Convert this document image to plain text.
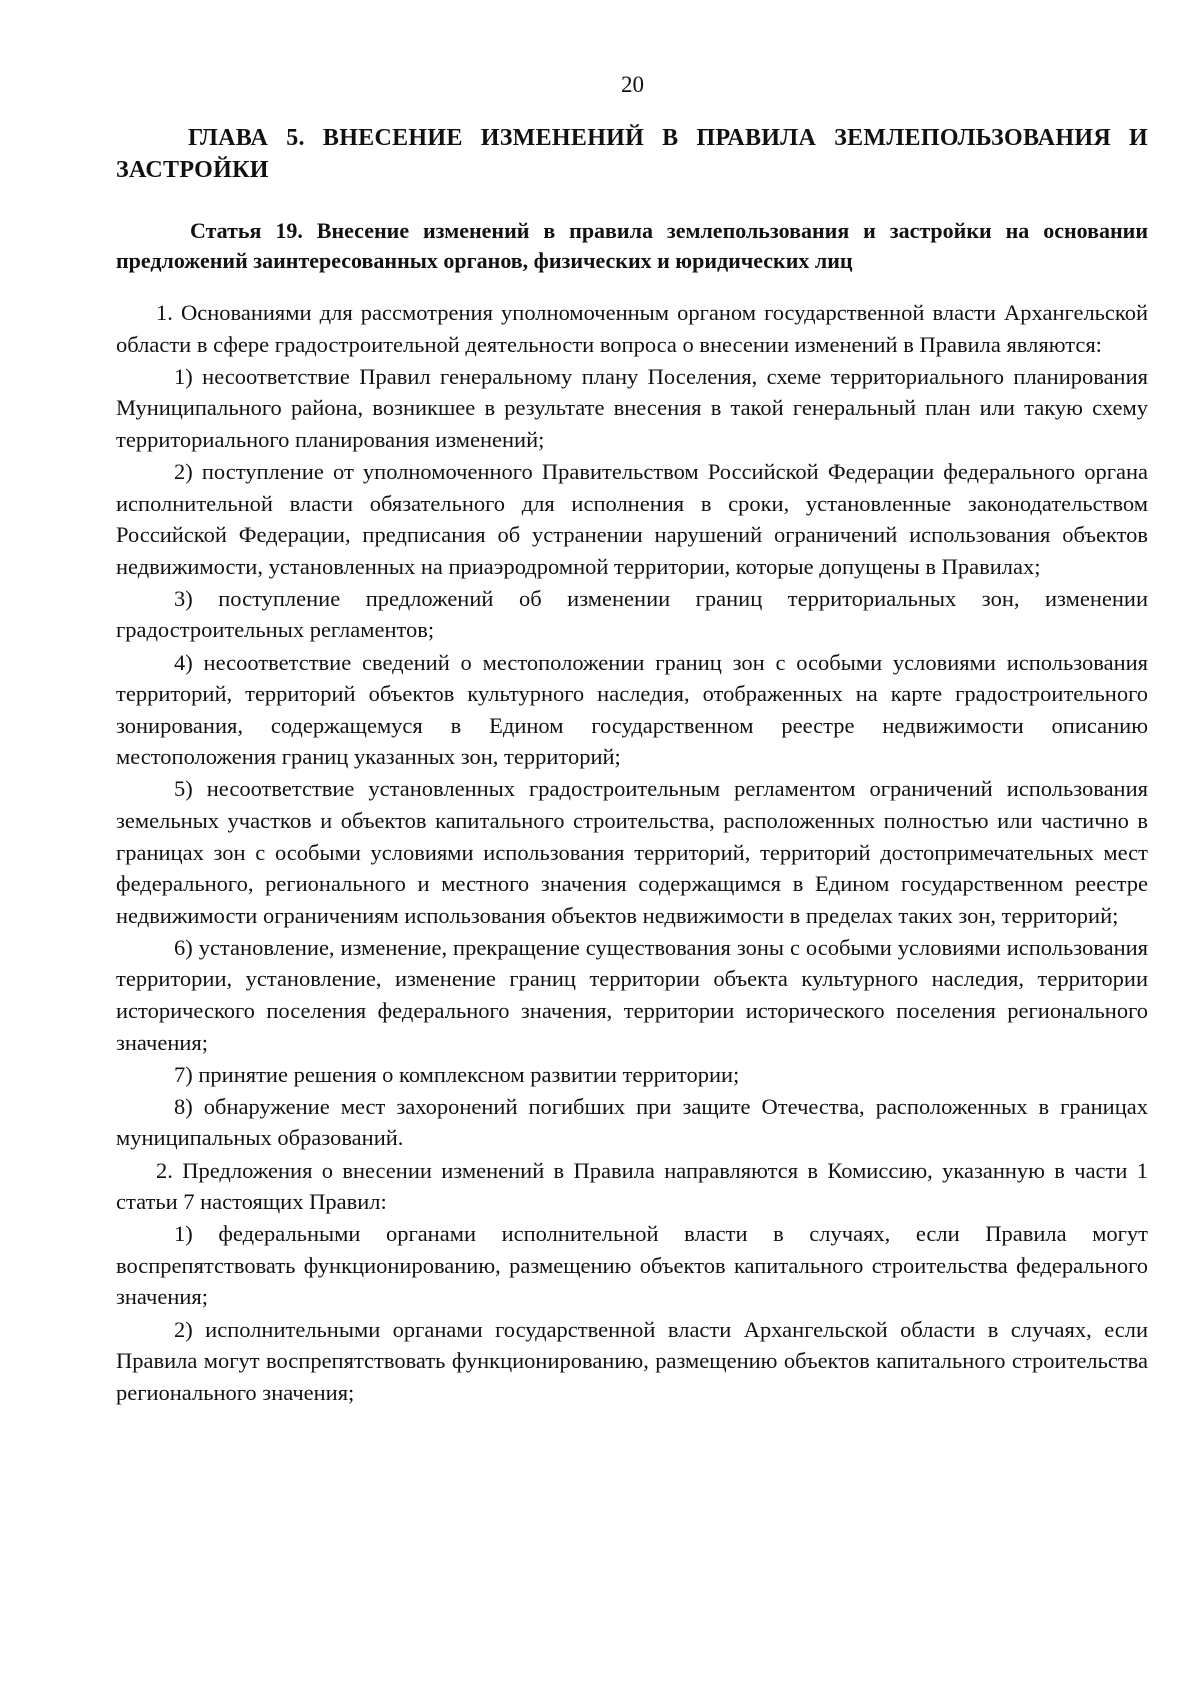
20
ГЛАВА 5. ВНЕСЕНИЕ ИЗМЕНЕНИЙ В ПРАВИЛА ЗЕМЛЕПОЛЬЗОВАНИЯ И ЗАСТРОЙКИ
Статья 19. Внесение изменений в правила землепользования и застройки на основании предложений заинтересованных органов, физических и юридических лиц

1. Основаниями для рассмотрения уполномоченным органом государственной власти Архангельской области в сфере градостроительной деятельности вопроса о внесении изменений в Правила являются:

1) несоответствие Правил генеральному плану Поселения, схеме территориального планирования Муниципального района, возникшее в результате внесения в такой генеральный план или такую схему территориального планирования изменений;

2) поступление от уполномоченного Правительством Российской Федерации федерального органа исполнительной власти обязательного для исполнения в сроки, установленные законодательством Российской Федерации, предписания об устранении нарушений ограничений использования объектов недвижимости, установленных на приаэродромной территории, которые допущены в Правилах;

3) поступление предложений об изменении границ территориальных зон, изменении градостроительных регламентов;

4) несоответствие сведений о местоположении границ зон с особыми условиями использования территорий, территорий объектов культурного наследия, отображенных на карте градостроительного зонирования, содержащемуся в Едином государственном реестре недвижимости описанию местоположения границ указанных зон, территорий;

5) несоответствие установленных градостроительным регламентом ограничений использования земельных участков и объектов капитального строительства, расположенных полностью или частично в границах зон с особыми условиями использования территорий, территорий достопримечательных мест федерального, регионального и местного значения содержащимся в Едином государственном реестре недвижимости ограничениям использования объектов недвижимости в пределах таких зон, территорий;

6) установление, изменение, прекращение существования зоны с особыми условиями использования территории, установление, изменение границ территории объекта культурного наследия, территории исторического поселения федерального значения, территории исторического поселения регионального значения;

7) принятие решения о комплексном развитии территории;

8) обнаружение мест захоронений погибших при защите Отечества, расположенных в границах муниципальных образований.

2. Предложения о внесении изменений в Правила направляются в Комиссию, указанную в части 1 статьи 7 настоящих Правил:

1) федеральными органами исполнительной власти в случаях, если Правила могут воспрепятствовать функционированию, размещению объектов капитального строительства федерального значения;

2) исполнительными органами государственной власти Архангельской области в случаях, если Правила могут воспрепятствовать функционированию, размещению объектов капитального строительства регионального значения;
